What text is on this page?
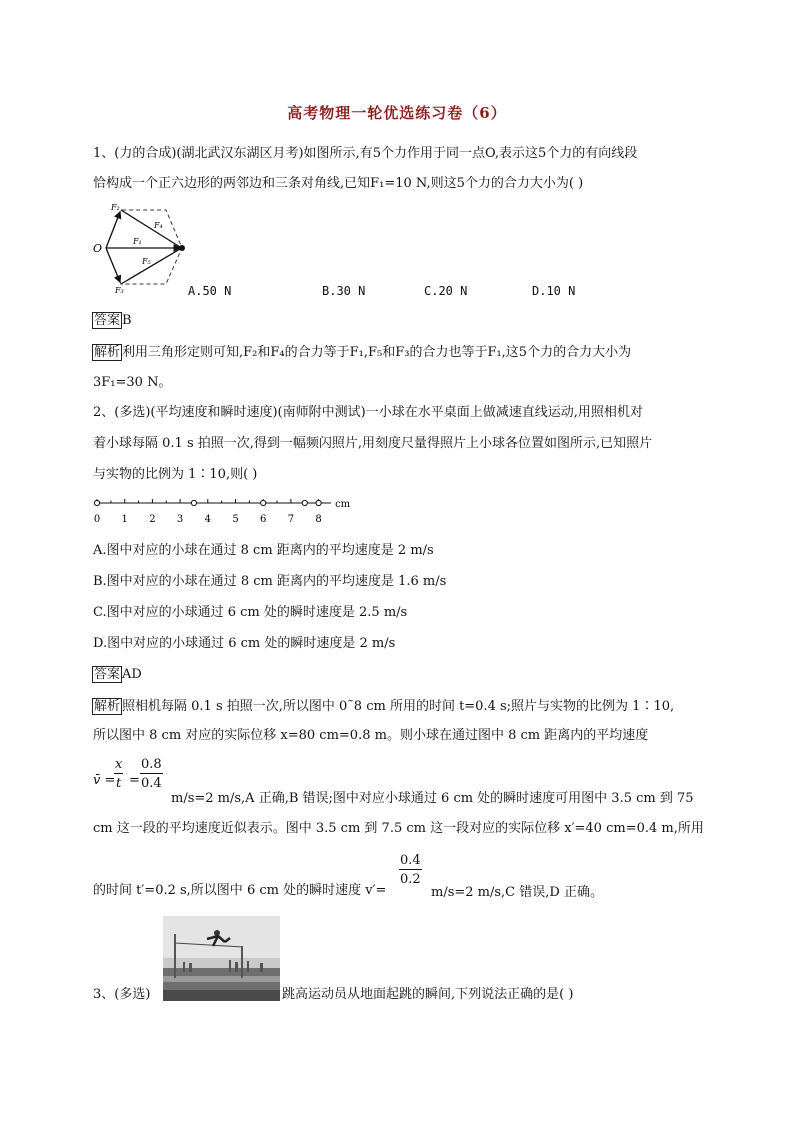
高考物理一轮优选练习卷（6）
1、(力的合成)(湖北武汉东湖区月考)如图所示,有5个力作用于同一点O,表示这5个力的有向线段
恰构成一个正六边形的两邻边和三条对角线,已知F₁=10 N,则这5个力的合力大小为( )
O
F₁
F₂
F₃
F₄
F₅
A.50 N	B.30 N	C.20 N	D.10 N
答案 B
解析 利用三角形定则可知,F₂和F₄的合力等于F₁,F₅和F₃的合力也等于F₁,这5个力的合力大小为
3F₁=30 N。
2、(多选)(平均速度和瞬时速度)(南师附中测试)一小球在水平桌面上做减速直线运动,用照相机对
着小球每隔 0.1 s 拍照一次,得到一幅频闪照片,用刻度尺量得照片上小球各位置如图所示,已知照片
与实物的比例为 1∶10,则( )
0 1 2 3 4 5 6 7 8
cm
A.图中对应的小球在通过 8 cm 距离内的平均速度是 2 m/s
B.图中对应的小球在通过 8 cm 距离内的平均速度是 1.6 m/s
C.图中对应的小球通过 6 cm 处的瞬时速度是 2.5 m/s
D.图中对应的小球通过 6 cm 处的瞬时速度是 2 m/s
答案 AD
解析 照相机每隔 0.1 s 拍照一次,所以图中 0˜8 cm 所用的时间 t=0.4 s;照片与实物的比例为 1∶10,
所以图中 8 cm 对应的实际位移 x=80 cm=0.8 m。则小球在通过图中 8 cm 距离内的平均速度
v̄ =
$\frac{x}{t} = \frac{0.8}{0.4}$
m/s=2 m/s,A 正确,B 错误;图中对应小球通过 6 cm 处的瞬时速度可用图中 3.5 cm 到 75
cm 这一段的平均速度近似表示。图中 3.5 cm 到 7.5 cm 这一段对应的实际位移 x′=40 cm=0.4 m,所用
$\frac{0.4}{0.2}$
的时间 t′=0.2 s,所以图中 6 cm 处的瞬时速度 v′=	m/s=2 m/s,C 错误,D 正确。
3、(多选)	跳高运动员从地面起跳的瞬间,下列说法正确的是( )
